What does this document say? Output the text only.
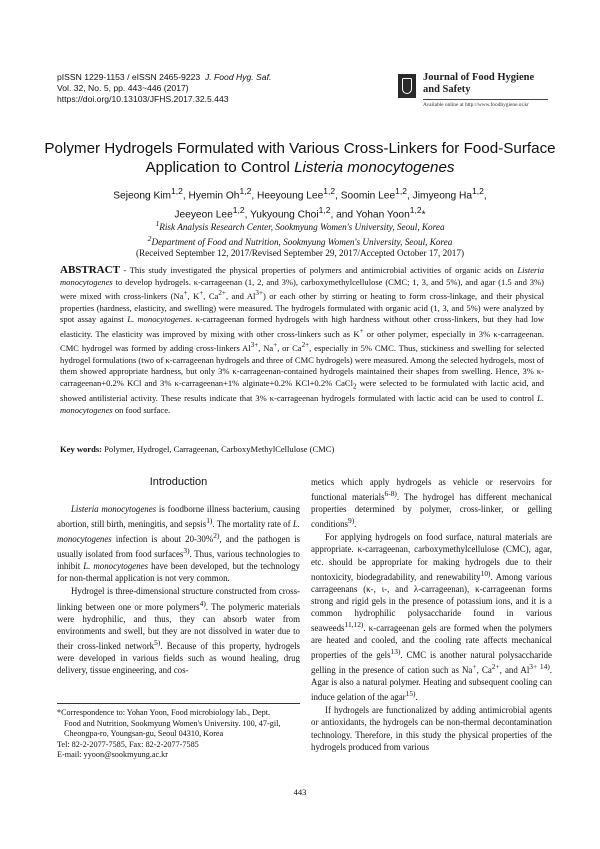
pISSN 1229-1153 / eISSN 2465-9223 J. Food Hyg. Saf.
Vol. 32, No. 5, pp. 443~446 (2017)
https://doi.org/10.13103/JFHS.2017.32.5.443
Journal of Food Hygiene
and Safety
Available online at http://www.foodhygiene.or.kr
Polymer Hydrogels Formulated with Various Cross-Linkers for Food-Surface
Application to Control Listeria monocytogenes
Sejeong Kim$^{1,2}$, Hyemin Oh$^{1,2}$, Heeyoung Lee$^{1,2}$, Soomin Lee$^{1,2}$, Jimyeong Ha$^{1,2}$,
Jeeyeon Lee$^{1,2}$, Yukyoung Choi$^{1,2}$, and Yohan Yoon$^{1,2}$*
$^1$Risk Analysis Research Center, Sookmyung Women's University, Seoul, Korea
$^2$Department of Food and Nutrition, Sookmyung Women's University, Seoul, Korea
(Received September 12, 2017/Revised September 29, 2017/Accepted October 17, 2017)
ABSTRACT - This study investigated the physical properties of polymers and antimicrobial activities of organic acids on Listeria monocytogenes to develop hydrogels. κ-carrageenan (1, 2, and 3%), carboxymethylcellulose (CMC; 1, 3, and 5%), and agar (1.5 and 3%) were mixed with cross-linkers (Na+, K+, $Ca^{2+}$, and $Al^{3+}$) or each other by stirring or heating to form cross-linkage, and their physical properties (hardness, elasticity, and swelling) were measured. The hydrogels formulated with organic acid (1, 3, and 5%) were analyzed by spot assay against L. monocytogenes. κ-carrageenan formed hydrogels with high hardness without other cross-linkers, but they had low elasticity. The elasticity was improved by mixing with other cross-linkers such as K+ or other polymer, especially in 3% κ-carrageenan. CMC hydrogel was formed by adding cross-linkers $Al^{3+}$, Na+, or $Ca^{2+}$, especially in 5% CMC. Thus, stickiness and swelling for selected hydrogel formulations (two of κ-carrageenan hydrogels and three of CMC hydrogels) were measured. Among the selected hydrogels, most of them showed appropriate hardness, but only 3% κ-carrageenan-contained hydrogels maintained their shapes from swelling. Hence, 3% κ-carrageenan+0.2% KCl and 3% κ-carrageenan+1% alginate+0.2% KCl+0.2% CaCl$_2$ were selected to be formulated with lactic acid, and showed antilisterial activity. These results indicate that 3% κ-carrageenan hydrogels formulated with lactic acid can be used to control L. monocytogenes on food surface.
Key words: Polymer, Hydrogel, Carrageenan, CarboxyMethylCellulose (CMC)
Introduction

Listeria monocytogenes is foodborne illness bacterium, causing abortion, still birth, meningitis, and sepsis$^{1)}$. The mortality rate of L. monocytogenes infection is about 20-30%$^{2)}$, and the pathogen is usually isolated from food surfaces$^{3)}$. Thus, various technologies to inhibit L. monocytogenes have been developed, but the technology for non-thermal application is not very common.

Hydrogel is three-dimensional structure constructed from cross-linking between one or more polymers$^{4)}$. The polymeric materials were hydrophilic, and thus, they can absorb water from environments and swell, but they are not dissolved in water due to their cross-linked network$^{5)}$. Because of this property, hydrogels were developed in various fields such as wound healing, drug delivery, tissue engineering, and cos-

*Correspondence to: Yohan Yoon, Food microbiology lab., Dept.
Food and Nutrition, Sookmyung Women's University. 100, 47-gil,
Cheongpa-ro, Youngsan-gu, Seoul 04310, Korea
Tel: 82-2-2077-7585, Fax: 82-2-2077-7585
E-mail: yyoon@sookmyung.ac.kr

metics which apply hydrogels as vehicle or reservoirs for functional materials$^{6-8)}$. The hydrogel has different mechanical properties determined by polymer, cross-linker, or gelling conditions$^{9)}$.

For applying hydrogels on food surface, natural materials are appropriate. κ-carrageenan, carboxymethylcellulose (CMC), agar, etc. should be appropriate for making hydrogels due to their nontoxicity, biodegradability, and renewability$^{10)}$. Among various carrageenans (κ-, ι-, and λ-carrageenan), κ-carrageenan forms strong and rigid gels in the presence of potassium ions, and it is a common hydrophilic polysaccharide found in various seaweeds$^{11,12)}$. κ-carrageenan gels are formed when the polymers are heated and cooled, and the cooling rate affects mechanical properties of the gels$^{13)}$. CMC is another natural polysaccharide gelling in the presence of cation such as Na+, $Ca^{2+}$, and $Al^{3+ 14)}$. Agar is also a natural polymer. Heating and subsequent cooling can induce gelation of the agar$^{15)}$.

If hydrogels are functionalized by adding antimicrobial agents or antioxidants, the hydrogels can be non-thermal decontamination technology. Therefore, in this study the physical properties of the hydrogels produced from various

443
